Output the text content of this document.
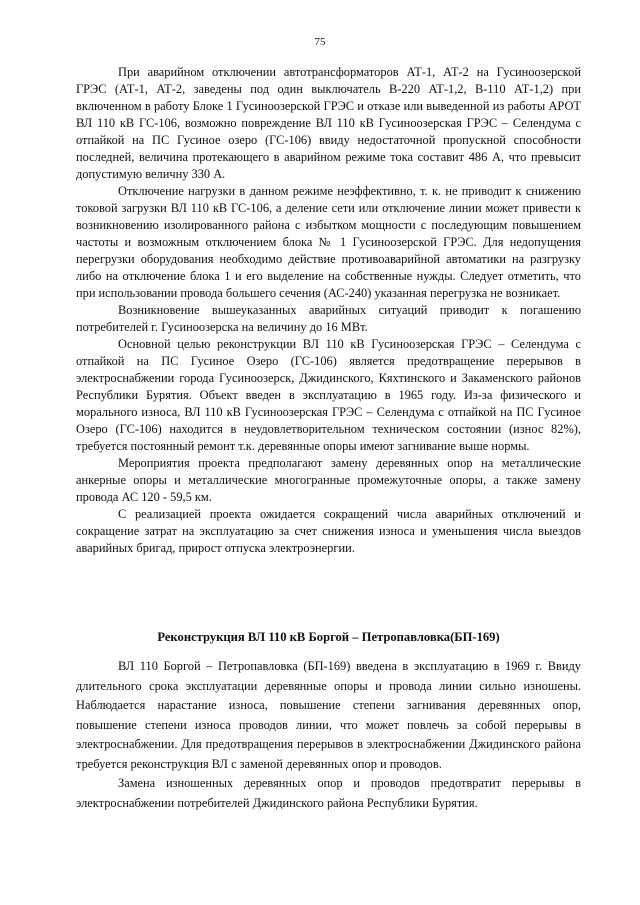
75

При аварийном отключении автотрансформаторов АТ-1, АТ-2 на Гусиноозерской ГРЭС (АТ-1, АТ-2, заведены под один выключатель В-220 АТ-1,2, В-110 АТ-1,2) при включенном в работу Блоке 1 Гусиноозерской ГРЭС и отказе или выведенной из работы АРОТ ВЛ 110 кВ ГС-106, возможно повреждение ВЛ 110 кВ Гусиноозерская ГРЭС – Селендума с отпайкой на ПС Гусиное озеро (ГС-106) ввиду недостаточной пропускной способности последней, величина протекающего в аварийном режиме тока составит 486 А, что превысит допустимую величну 330 А.

Отключение нагрузки в данном режиме неэффективно, т. к. не приводит к снижению токовой загрузки ВЛ 110 кВ ГС-106, а деление сети или отключение линии может привести к возникновению изолированного района с избытком мощности с последующим повышением частоты и возможным отключением блока № 1 Гусиноозерской ГРЭС. Для недопущения перегрузки оборудования необходимо действие противоаварийной автоматики на разгрузку либо на отключение блока 1 и его выделение на собственные нужды. Следует отметить, что при использовании провода большего сечения (АС-240) указанная перегрузка не возникает.

Возникновение вышеуказанных аварийных ситуаций приводит к погашению потребителей г. Гусиноозерска на величину до 16 МВт.

Основной целью реконструкции ВЛ 110 кВ Гусиноозерская ГРЭС – Селендума с отпайкой на ПС Гусиное Озеро (ГС-106) является предотвращение перерывов в электроснабжении города Гусиноозерск, Джидинского, Кяхтинского и Закаменского районов Республики Бурятия. Объект введен в эксплуатацию в 1965 году. Из-за физического и морального износа, ВЛ 110 кВ Гусиноозерская ГРЭС – Селендума с отпайкой на ПС Гусиное Озеро (ГС-106) находится в неудовлетворительном техническом состоянии (износ 82%), требуется постоянный ремонт т.к. деревянные опоры имеют загнивание выше нормы.

Мероприятия проекта предполагают замену деревянных опор на металлические анкерные опоры и металлические многогранные промежуточные опоры, а также замену провода АС 120 - 59,5 км.

С реализацией проекта ожидается сокращений числа аварийных отключений и сокращение затрат на эксплуатацию за счет снижения износа и уменьшения числа выездов аварийных бригад, прирост отпуска электроэнергии.

Реконструкция ВЛ 110 кВ Боргой – Петропавловка(БП-169)

ВЛ 110 Боргой – Петропавловка (БП-169) введена в эксплуатацию в 1969 г. Ввиду длительного срока эксплуатации деревянные опоры и провода линии сильно изношены. Наблюдается нарастание износа, повышение степени загнивания деревянных опор, повышение степени износа проводов линии, что может повлечь за собой перерывы в электроснабжении. Для предотвращения перерывов в электроснабжении Джидинского района требуется реконструкция ВЛ с заменой деревянных опор и проводов.

Замена изношенных деревянных опор и проводов предотвратит перерывы в электроснабжении потребителей Джидинского района Республики Бурятия.
